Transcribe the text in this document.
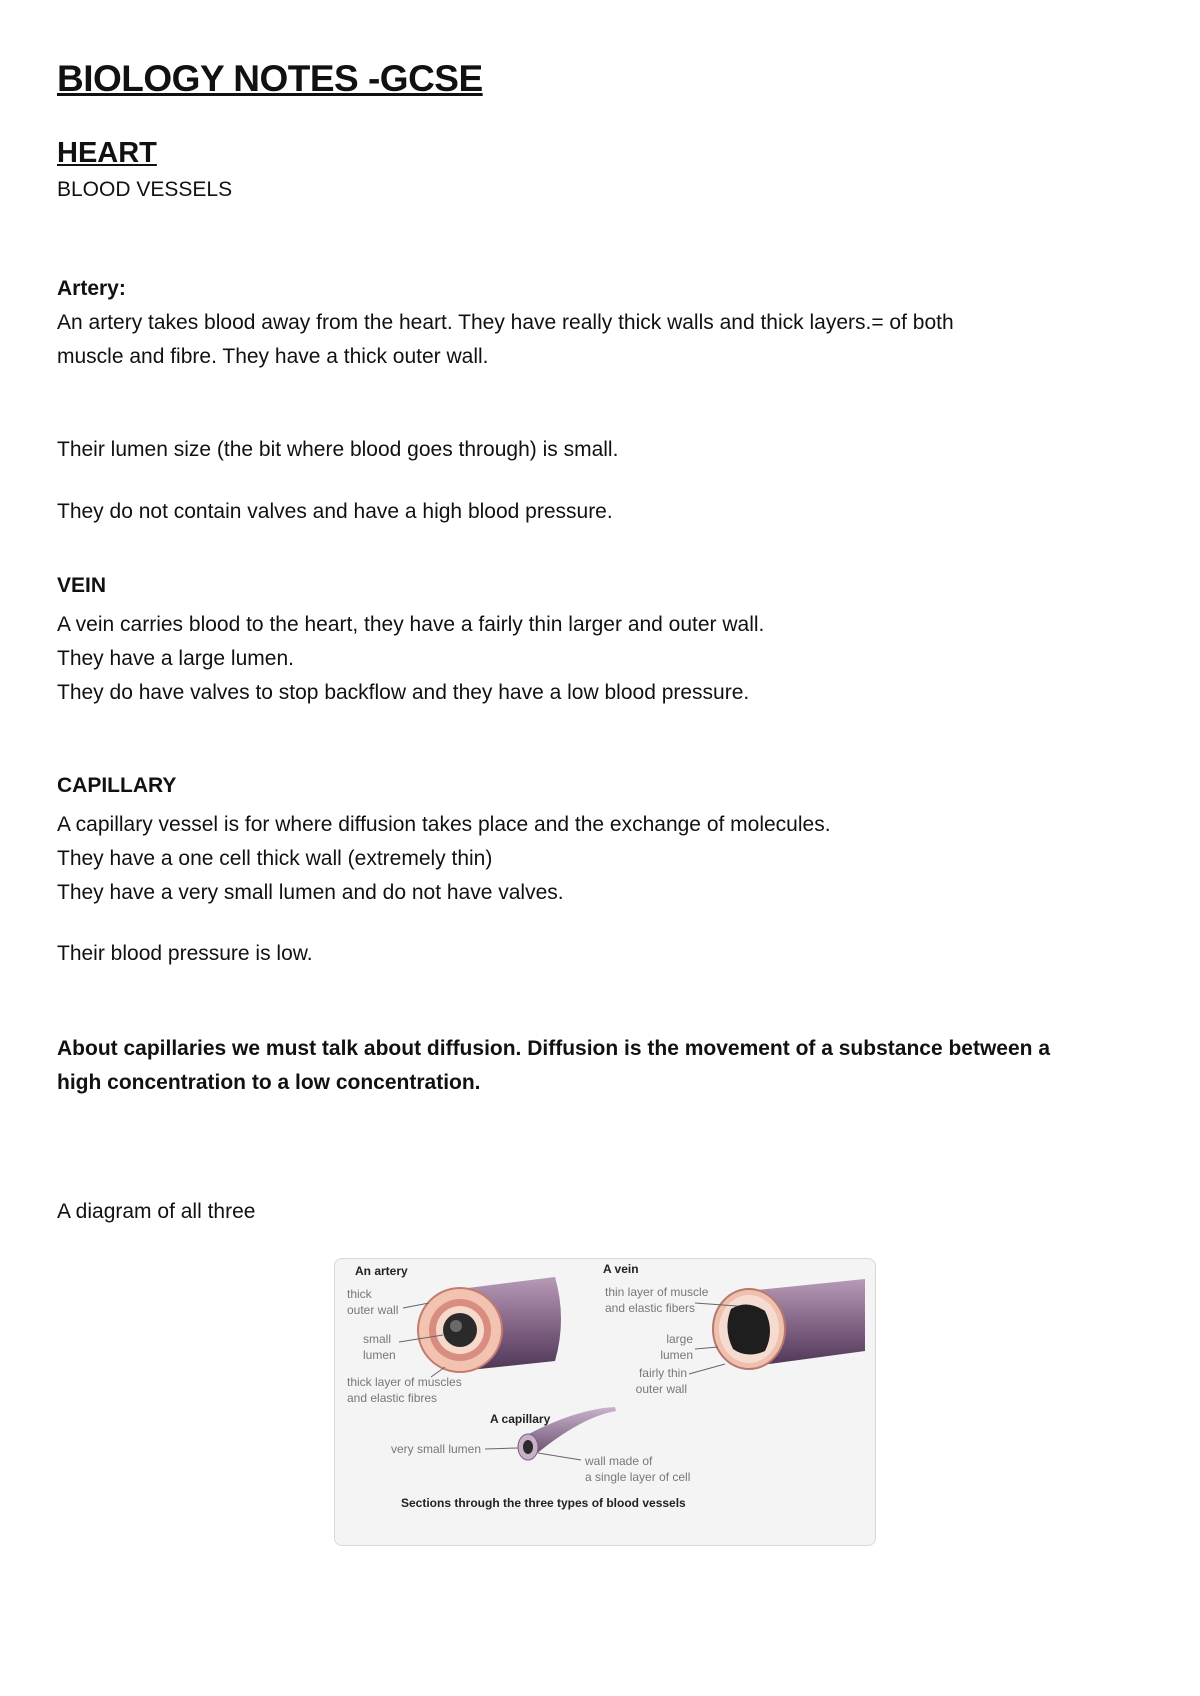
BIOLOGY NOTES -GCSE
HEART
BLOOD VESSELS
Artery:
An artery takes blood away from the heart. They have really thick walls and thick layers.= of both
muscle and fibre. They have a thick outer wall.
Their lumen size (the bit where blood goes through) is small.
They do not contain valves and have a high blood pressure.
VEIN
A vein carries blood to the heart, they have a fairly thin larger and outer wall.
They have a large lumen.
They do have valves to stop backflow and they have a low blood pressure.
CAPILLARY
A capillary vessel is for where diffusion takes place and the exchange of molecules.
They have a one cell thick wall (extremely thin)
They have a very small lumen and do not have valves.
Their blood pressure is low.
About capillaries we must talk about diffusion. Diffusion is the movement of a substance between a
high concentration to a low concentration.
A diagram of all three
An artery
thick
outer wall
small
lumen
thick layer of muscles
and elastic fibres
A vein
thin layer of muscle
and elastic fibers
large
lumen
fairly thin
outer wall
A capillary
very small lumen
wall made of
a single layer of cell
Sections through the three types of blood vessels
